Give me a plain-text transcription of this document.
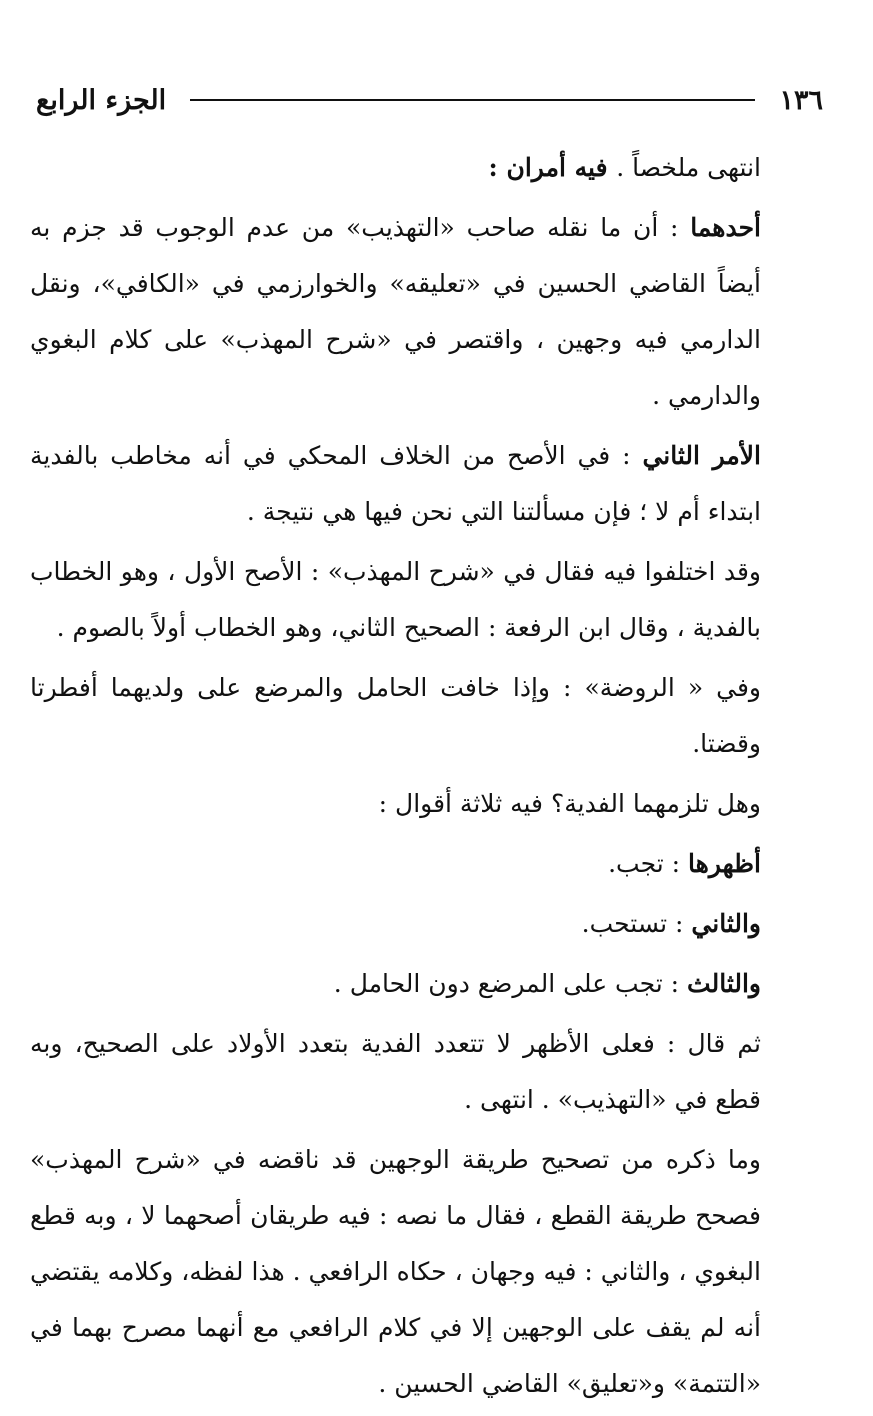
١٣٦
الجزء الرابع

انتهى ملخصاً . فيه أمران :

أحدهما : أن ما نقله صاحب «التهذيب» من عدم الوجوب قد جزم به أيضاً القاضي الحسين في «تعليقه» والخوارزمي في «الكافي»، ونقل الدارمي فيه وجهين ، واقتصر في «شرح المهذب» على كلام البغوي والدارمي .

الأمر الثاني : في الأصح من الخلاف المحكي في أنه مخاطب بالفدية ابتداء أم لا ؛ فإن مسألتنا التي نحن فيها هي نتيجة .

وقد اختلفوا فيه فقال في «شرح المهذب» : الأصح الأول ، وهو الخطاب بالفدية ، وقال ابن الرفعة : الصحيح الثاني، وهو الخطاب أولاً بالصوم .

وفي « الروضة» : وإذا خافت الحامل والمرضع على ولديهما أفطرتا وقضتا.

وهل تلزمهما الفدية؟ فيه ثلاثة أقوال :

أظهرها : تجب.

والثاني : تستحب.

والثالث : تجب على المرضع دون الحامل .

ثم قال : فعلى الأظهر لا تتعدد الفدية بتعدد الأولاد على الصحيح، وبه قطع في «التهذيب» . انتهى .

وما ذكره من تصحيح طريقة الوجهين قد ناقضه في «شرح المهذب» فصحح طريقة القطع ، فقال ما نصه : فيه طريقان أصحهما لا ، وبه قطع البغوي ، والثاني : فيه وجهان ، حكاه الرافعي . هذا لفظه، وكلامه يقتضي أنه لم يقف على الوجهين إلا في كلام الرافعي مع أنهما مصرح بهما في «التتمة» و«تعليق» القاضي الحسين .
